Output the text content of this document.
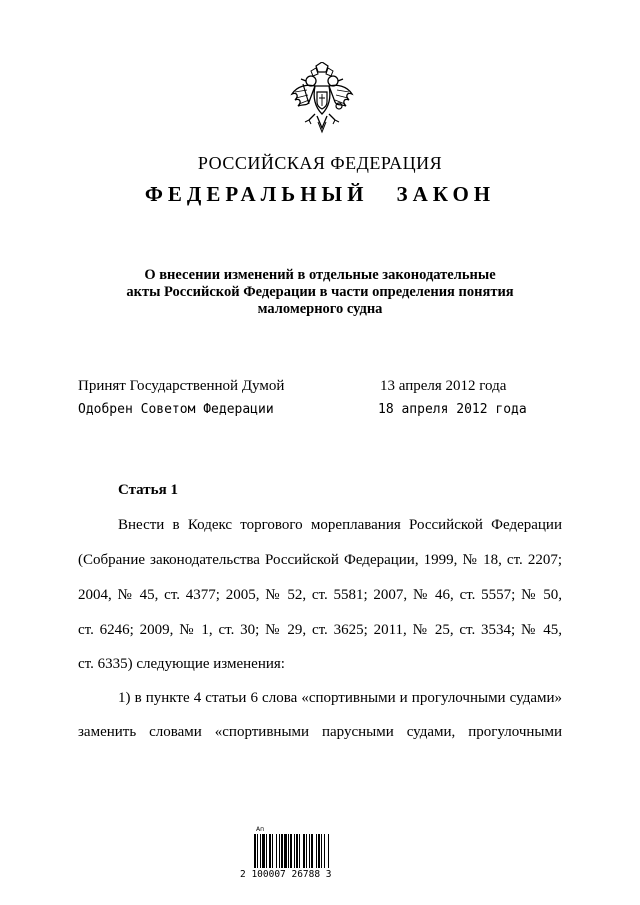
РОССИЙСКАЯ ФЕДЕРАЦИЯ
ФЕДЕРАЛЬНЫЙ ЗАКОН
О внесении изменений в отдельные законодательные
акты Российской Федерации в части определения понятия
маломерного судна
Принят Государственной Думой	13 апреля 2012 года
Одобрен Советом Федерации	18 апреля 2012 года
Статья 1
Внести в Кодекс торгового мореплавания Российской Федерации
(Собрание законодательства Российской Федерации, 1999, № 18, ст. 2207;
2004, № 45, ст. 4377; 2005, № 52, ст. 5581; 2007, № 46, ст. 5557; № 50,
ст. 6246; 2009, № 1, ст. 30; № 29, ст. 3625; 2011, № 25, ст. 3534; № 45,
ст. 6335) следующие изменения:
1) в пункте 4 статьи 6 слова «спортивными и прогулочными судами»
заменить словами «спортивными парусными судами, прогулочными
Ап
2 100007 26788 3
